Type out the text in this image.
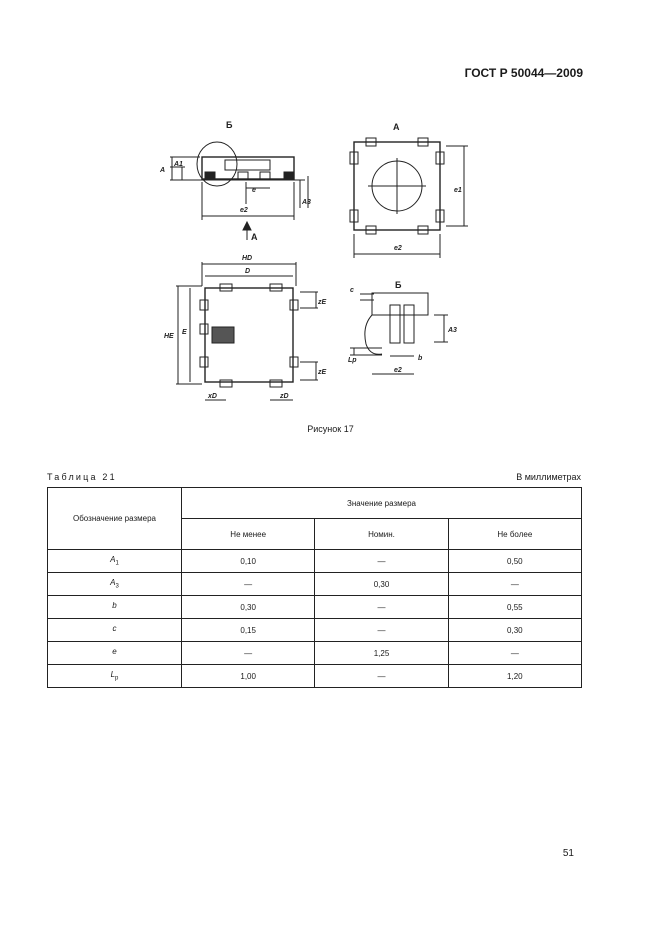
ГОСТ Р 50044—2009
Б	А
А
Б
A
A1
A3
e
e2
e1
e2
HD
D
HE
E
zE
zE
xD	zD
c
b
Lp
e2
A3
Рисунок 17
Таблица 21	В миллиметрах
Обозначение размера	Значение размера		
	Не менее	Номин.	Не более
$A_1$	0,10	—	0,50
$A_3$	—	0,30	—
b	0,30	—	0,55
c	0,15	—	0,30
e	—	1,25	—
$L_p$	1,00	—	1,20
51
